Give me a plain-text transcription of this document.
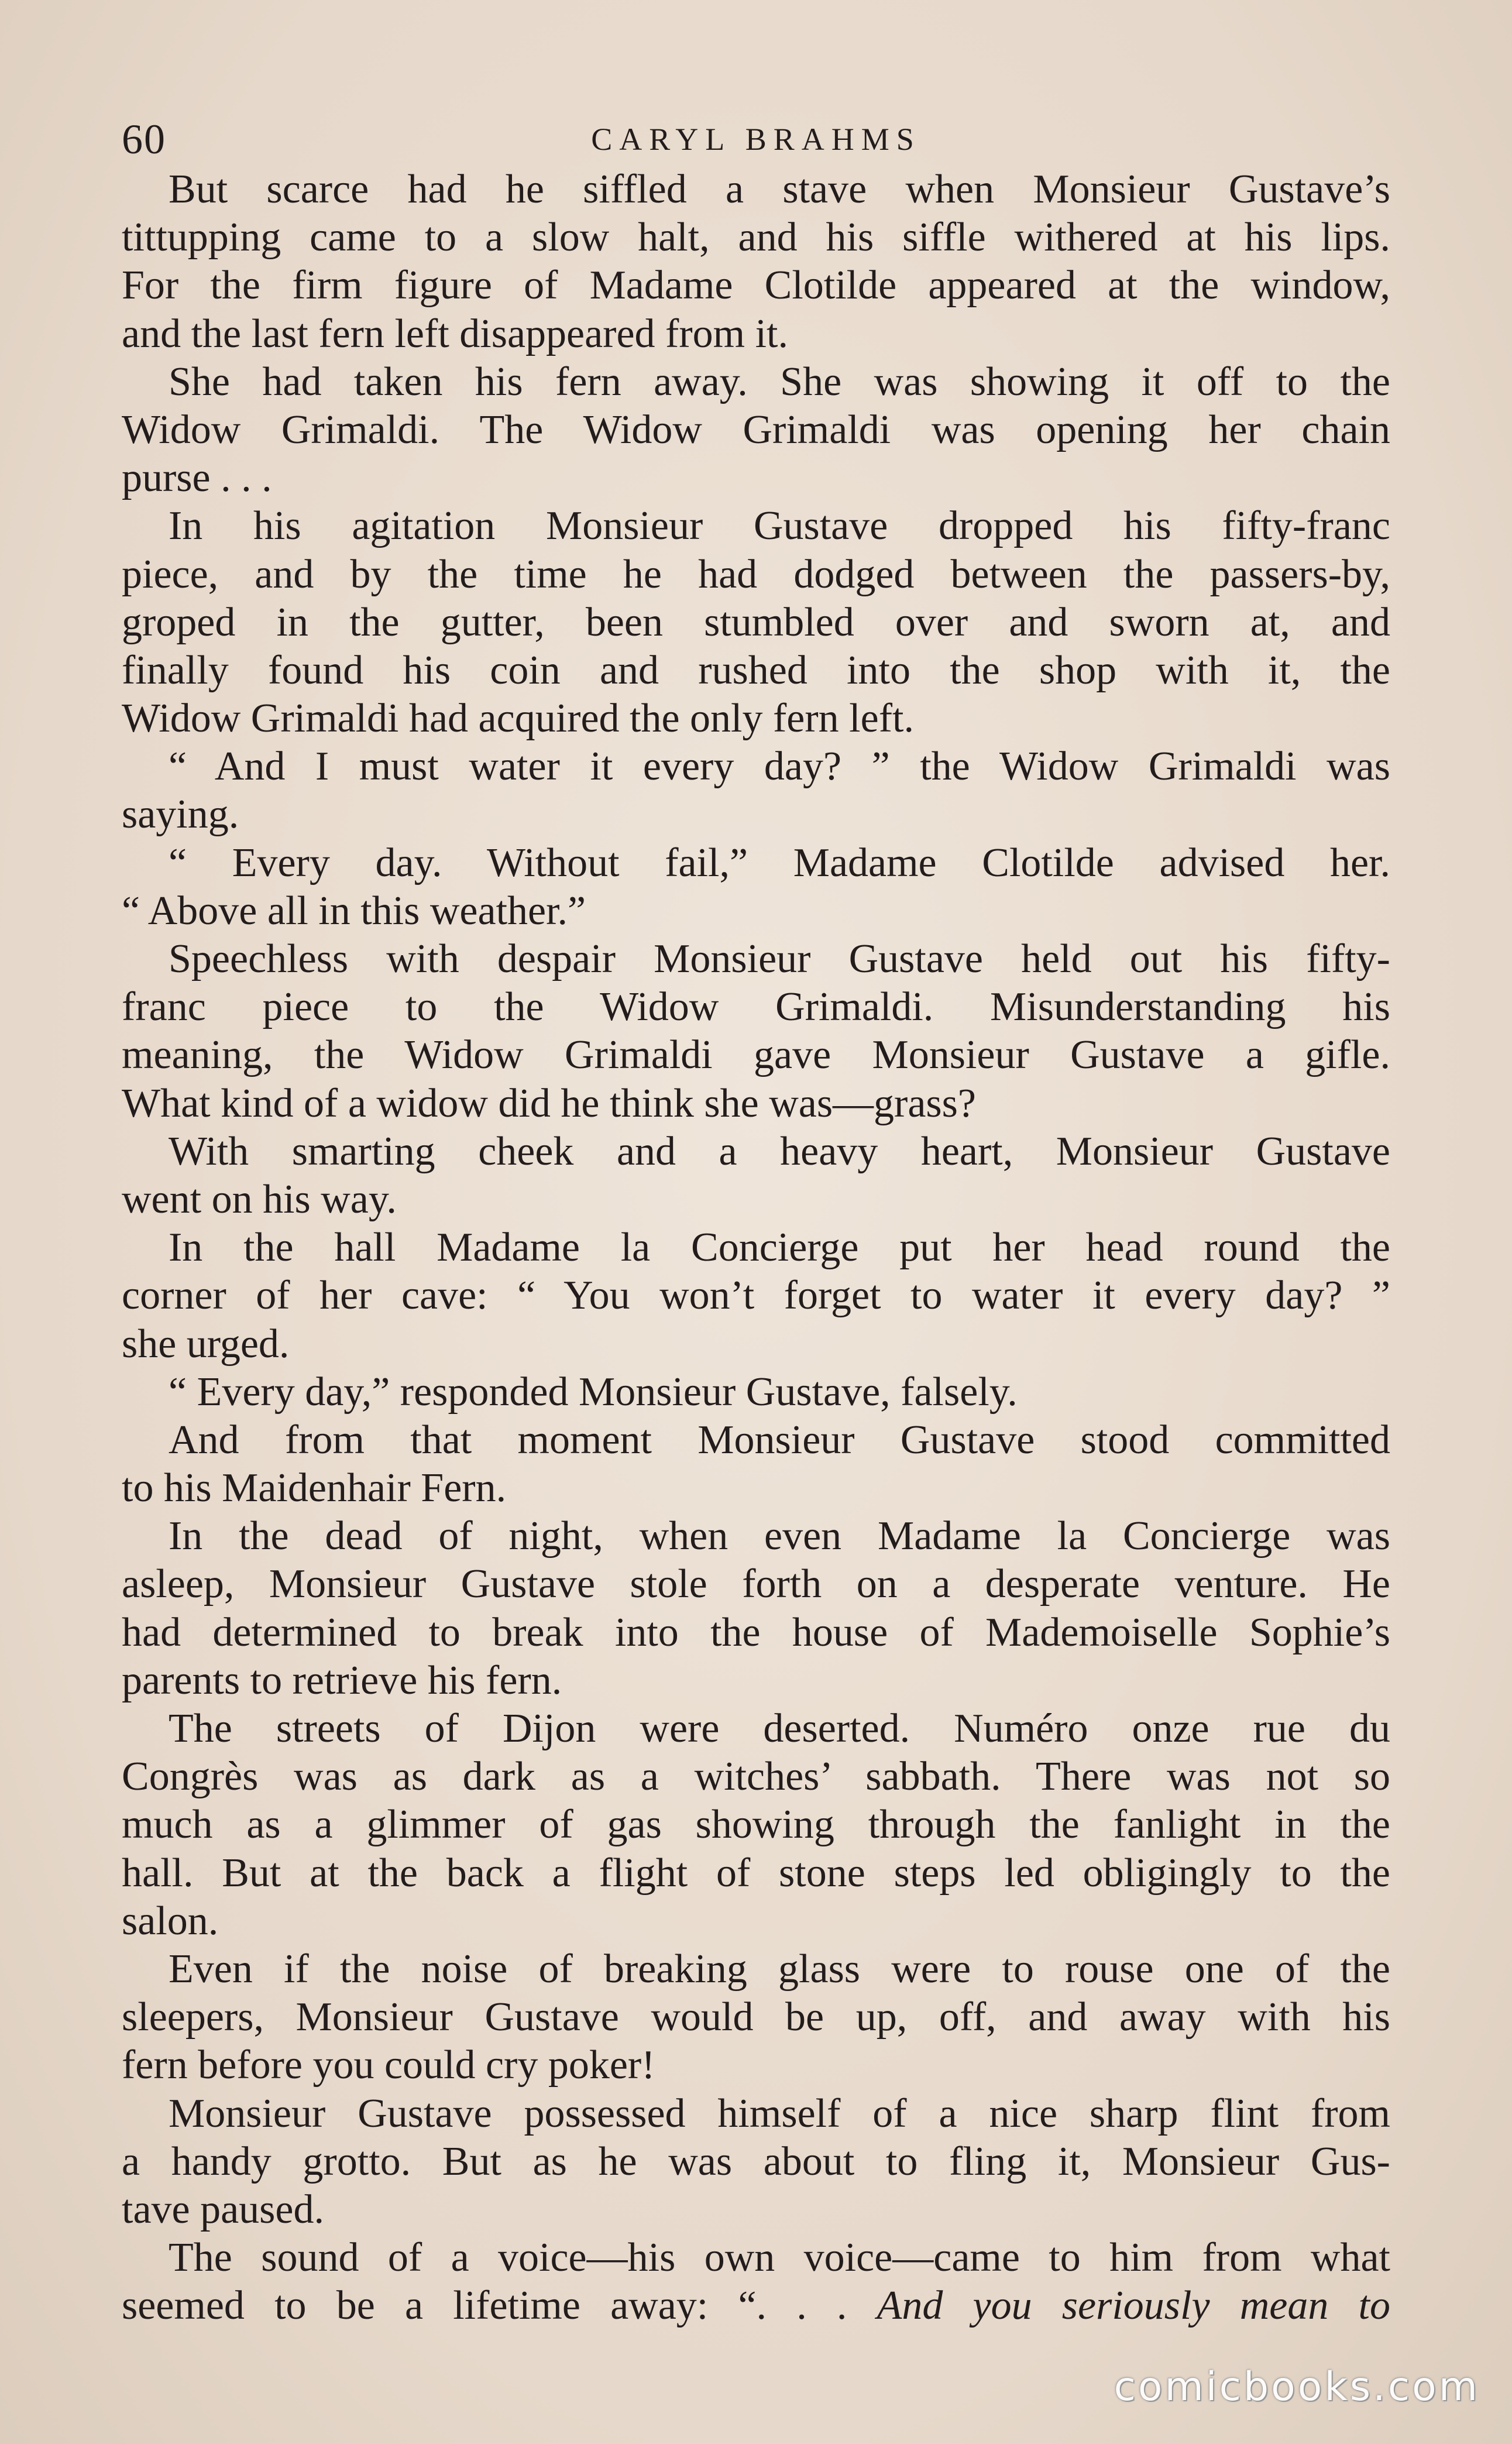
60	CARYL BRAHMS
But scarce had he siffled a stave when Monsieur Gustave’s
tittupping came to a slow halt, and his siffle withered at his lips.
For the firm figure of Madame Clotilde appeared at the window,
and the last fern left disappeared from it.
She had taken his fern away. She was showing it off to the
Widow Grimaldi. The Widow Grimaldi was opening her chain
purse . . .
In his agitation Monsieur Gustave dropped his fifty-franc
piece, and by the time he had dodged between the passers-by,
groped in the gutter, been stumbled over and sworn at, and
finally found his coin and rushed into the shop with it, the
Widow Grimaldi had acquired the only fern left.
“ And I must water it every day? ” the Widow Grimaldi was
saying.
“ Every day. Without fail,” Madame Clotilde advised her.
“ Above all in this weather.”
Speechless with despair Monsieur Gustave held out his fifty-
franc piece to the Widow Grimaldi. Misunderstanding his
meaning, the Widow Grimaldi gave Monsieur Gustave a gifle.
What kind of a widow did he think she was—grass?
With smarting cheek and a heavy heart, Monsieur Gustave
went on his way.
In the hall Madame la Concierge put her head round the
corner of her cave: “ You won’t forget to water it every day? ”
she urged.
“ Every day,” responded Monsieur Gustave, falsely.
And from that moment Monsieur Gustave stood committed
to his Maidenhair Fern.
In the dead of night, when even Madame la Concierge was
asleep, Monsieur Gustave stole forth on a desperate venture. He
had determined to break into the house of Mademoiselle Sophie’s
parents to retrieve his fern.
The streets of Dijon were deserted. Numéro onze rue du
Congrès was as dark as a witches’ sabbath. There was not so
much as a glimmer of gas showing through the fanlight in the
hall. But at the back a flight of stone steps led obligingly to the
salon.
Even if the noise of breaking glass were to rouse one of the
sleepers, Monsieur Gustave would be up, off, and away with his
fern before you could cry poker!
Monsieur Gustave possessed himself of a nice sharp flint from
a handy grotto. But as he was about to fling it, Monsieur Gus-
tave paused.
The sound of a voice—his own voice—came to him from what
seemed to be a lifetime away: “. . . And you seriously mean to
comicbooks.com
